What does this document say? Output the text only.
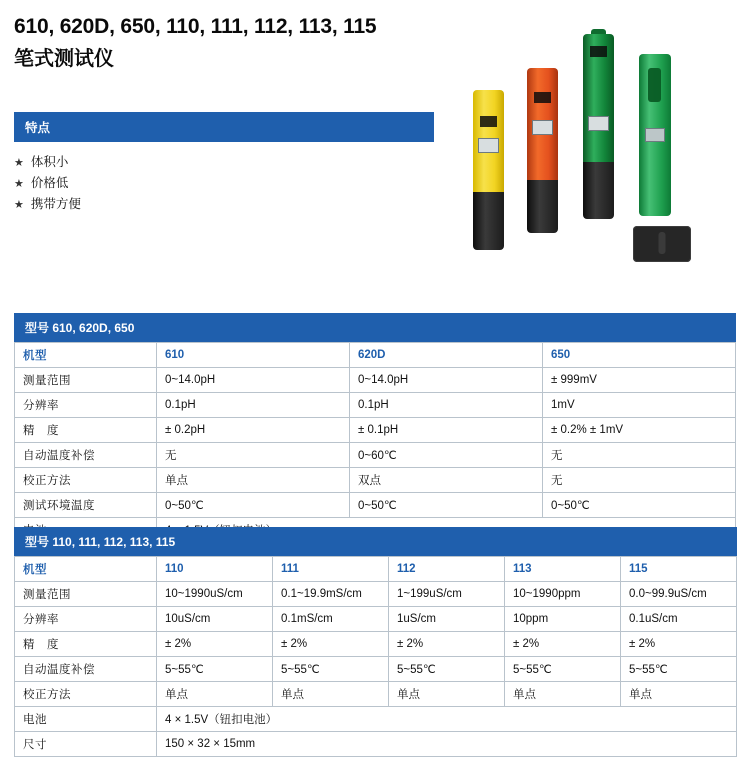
610, 620D, 650, 110, 111, 112, 113, 115
笔式测试仪
特点
★ 体积小
★ 价格低
★ 携带方便
型号 610, 620D, 650
机型	610	620D	650
测量范围	0~14.0pH	0~14.0pH	± 999mV
分辨率	0.1pH	0.1pH	1mV
精　度	± 0.2pH	± 0.1pH	± 0.2% ± 1mV
自动温度补偿	无	0~60℃	无
校正方法	单点	双点	无
测试环境温度	0~50℃	0~50℃	0~50℃

型号 110, 111, 112, 113, 115
机型	110	111	112	113	115
测量范围	10~1990uS/cm	0.1~19.9mS/cm	1~199uS/cm	10~1990ppm	0.0~99.9uS/cm
分辨率	10uS/cm	0.1mS/cm	1uS/cm	10ppm	0.1uS/cm
精　度	± 2%	± 2%	± 2%	± 2%	± 2%
自动温度补偿	5~55℃	5~55℃	5~55℃	5~55℃	5~55℃
校正方法	单点	单点	单点	单点	单点
电池	4 × 1.5V（钮扣电池）				
尺寸	150 × 32 × 15mm				
